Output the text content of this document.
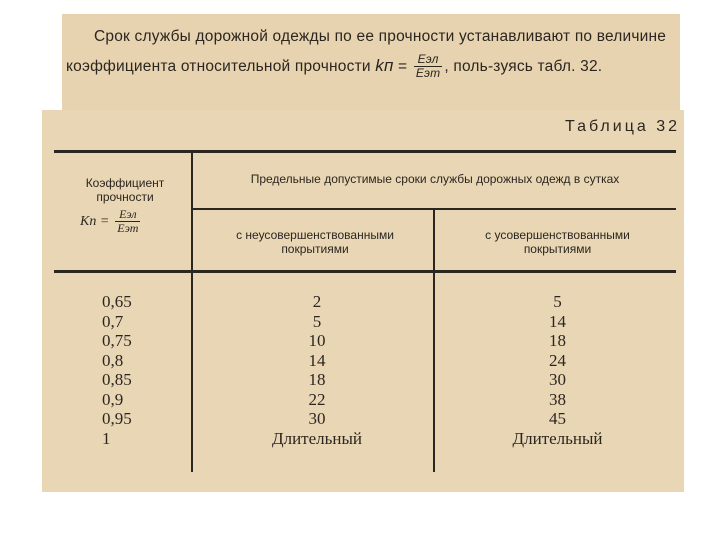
Срок службы дорожной одежды по ее прочности устанавливают по величине коэффициента относительной прочности kп = $\frac{\text{Eэл}}{\text{Eэт}}$ , поль-зуясь табл. 32.
Таблица 32
Коэффициент
прочности
Kп = $\frac{\text{Eэл}}{\text{Eэт}}$
Предельные допустимые сроки службы дорожных одежд в сутках
с неусовершенствованными покрытиями
с усовершенствованными покрытиями
0,65
0,7
0,75
0,8
0,85
0,9
0,95
1
2
5
10
14
18
22
30
Длительный
5
14
18
24
30
38
45
Длительный
